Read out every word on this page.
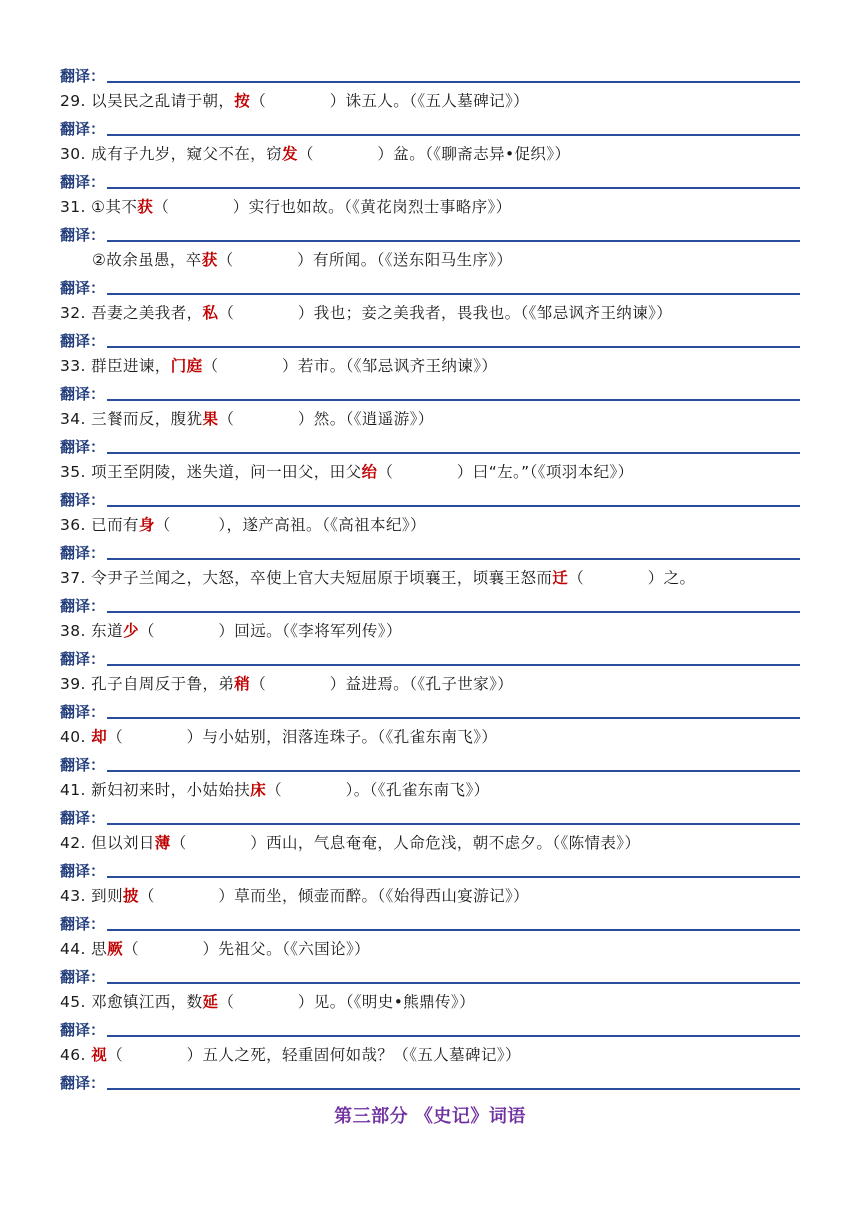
翻译：
29. 以吴民之乱请于朝，按（　　　　）诛五人。（《五人墓碑记》）
翻译：
30. 成有子九岁，窥父不在，窃发（　　　　）盆。（《聊斋志异•促织》）
翻译：
31. ①其不获（　　　　）实行也如故。（《黄花岗烈士事略序》）
翻译：
②故余虽愚，卒获（　　　　）有所闻。（《送东阳马生序》）
翻译：
32. 吾妻之美我者，私（　　　　）我也；妾之美我者，畏我也。（《邹忌讽齐王纳谏》）
翻译：
33. 群臣进谏，门庭（　　　　）若市。（《邹忌讽齐王纳谏》）
翻译：
34. 三餐而反，腹犹果（　　　　）然。（《逍遥游》）
翻译：
35. 项王至阴陵，迷失道，问一田父，田父绐（　　　　）曰“左。”（《项羽本纪》）
翻译：
36. 已而有身（　　　），遂产高祖。（《高祖本纪》）
翻译：
37. 令尹子兰闻之，大怒，卒使上官大夫短屈原于顷襄王，顷襄王怒而迁（　　　　）之。
翻译：
38. 东道少（　　　　）回远。（《李将军列传》）
翻译：
39. 孔子自周反于鲁，弟稍（　　　　）益进焉。（《孔子世家》）
翻译：
40. 却（　　　　）与小姑别，泪落连珠子。（《孔雀东南飞》）
翻译：
41. 新妇初来时，小姑始扶床（　　　　）。（《孔雀东南飞》）
翻译：
42. 但以刘日薄（　　　　）西山，气息奄奄，人命危浅，朝不虑夕。（《陈情表》）
翻译：
43. 到则披（　　　　）草而坐，倾壶而醉。（《始得西山宴游记》）
翻译：
44. 思厥（　　　　）先祖父。（《六国论》）
翻译：
45. 邓愈镇江西，数延（　　　　）见。（《明史•熊鼎传》）
翻译：
46. 视（　　　　）五人之死，轻重固何如哉？（《五人墓碑记》）
翻译：
第三部分 《史记》词语
